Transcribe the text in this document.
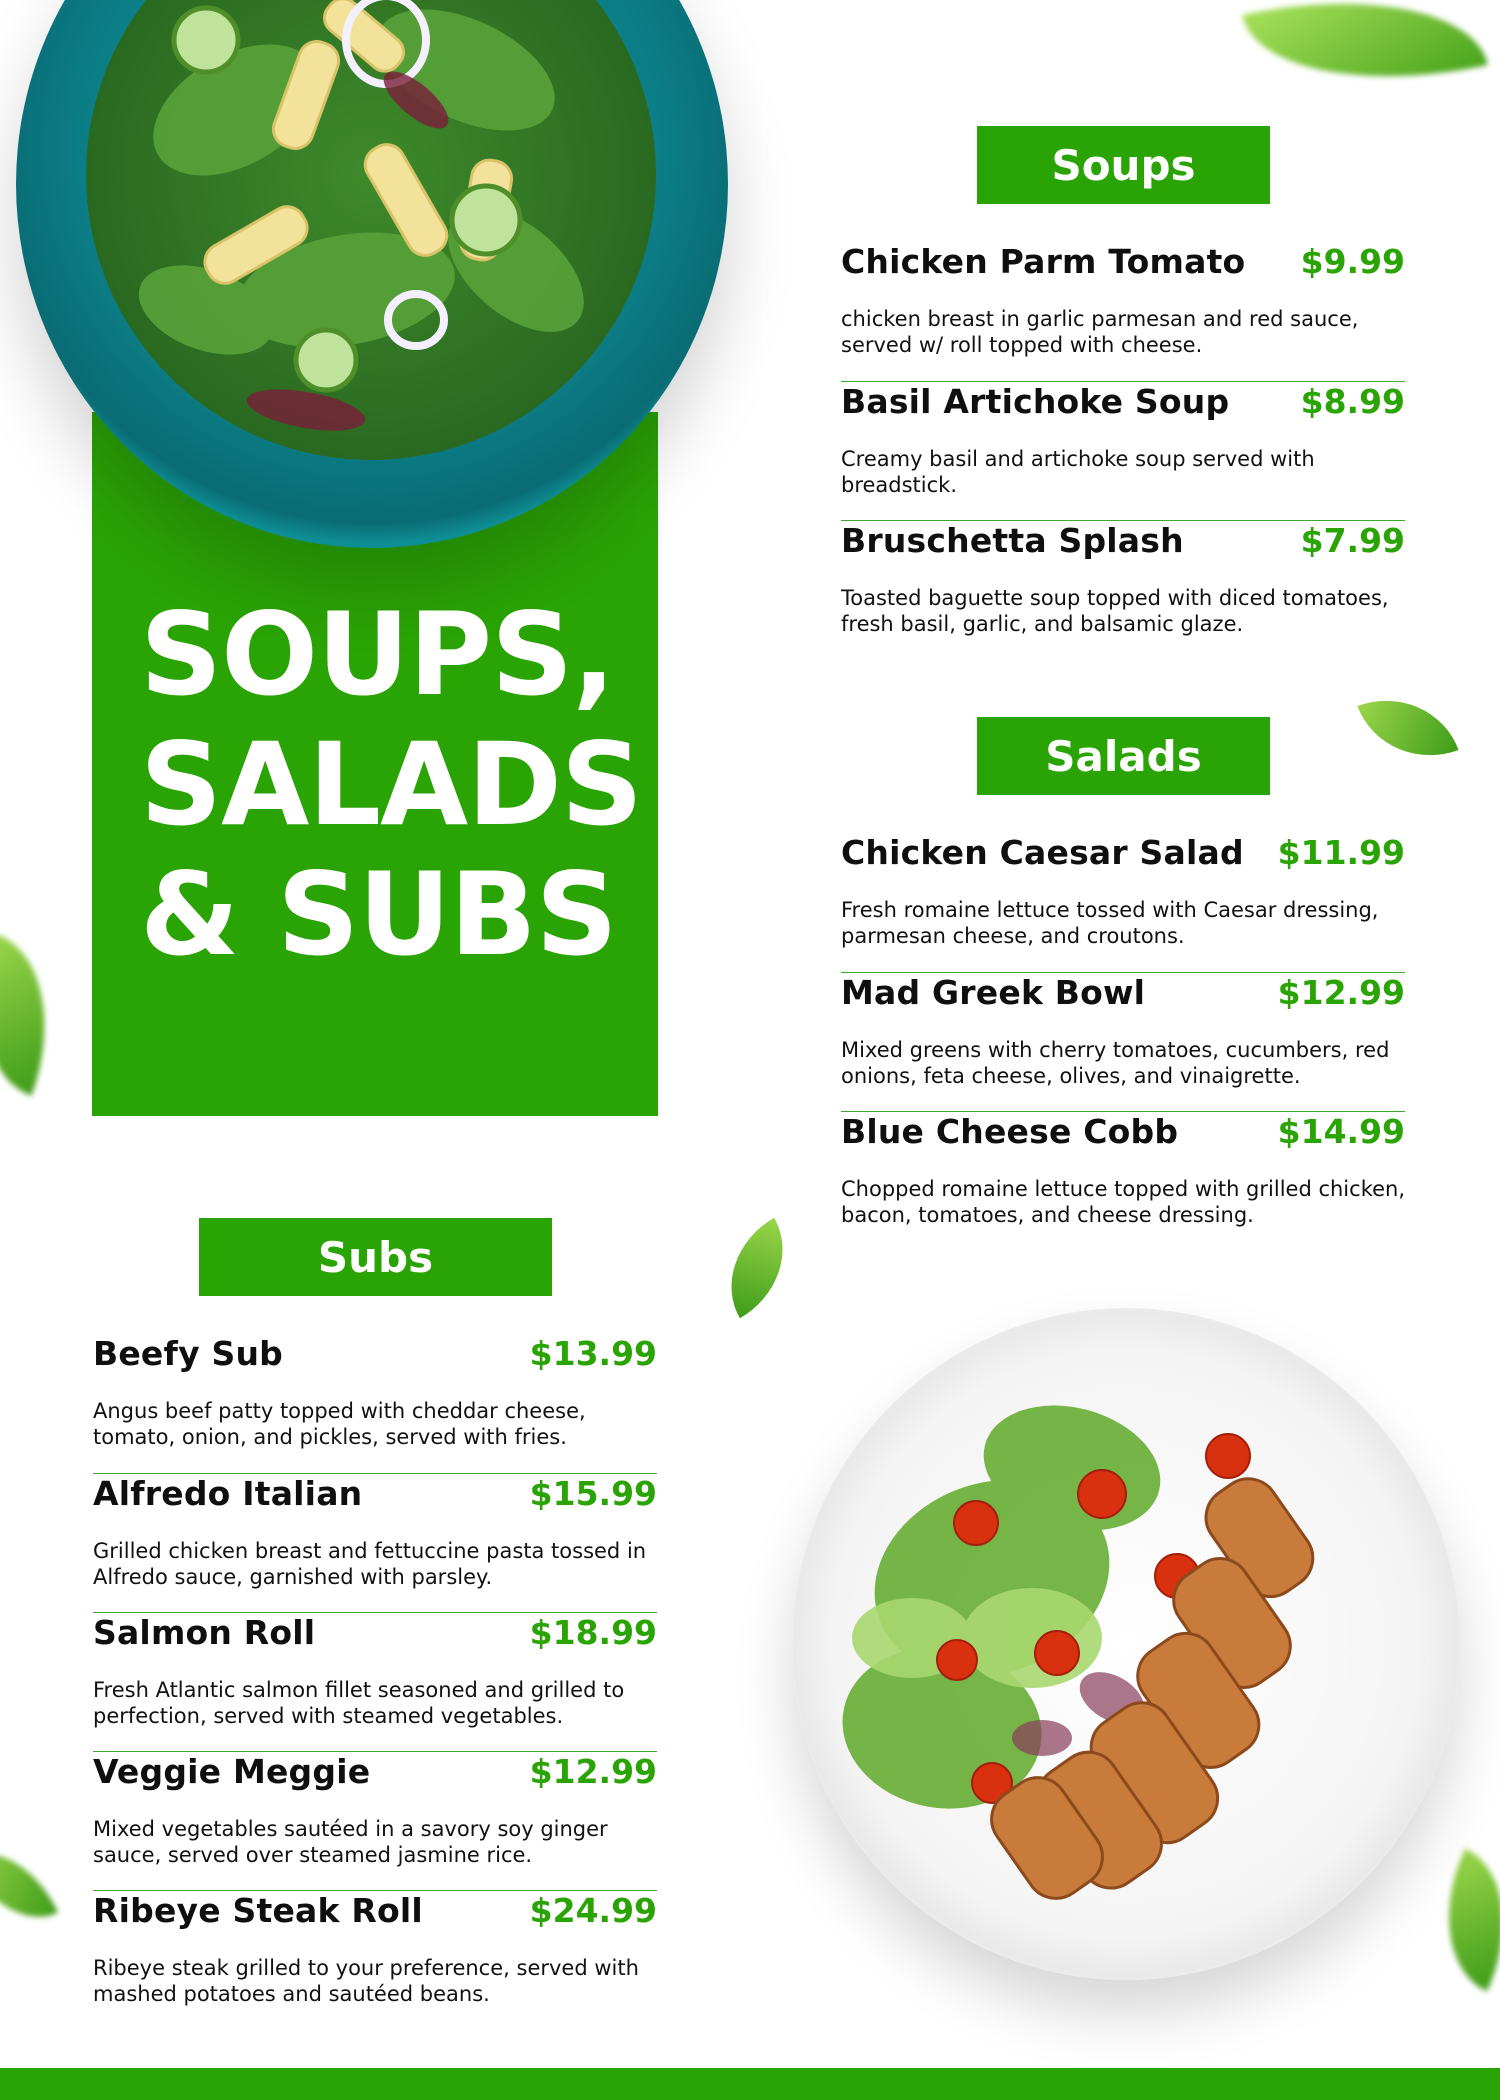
SOUPS,
SALADS
& SUBS
Soups
Chicken Parm Tomato $9.99

chicken breast in garlic parmesan and red sauce, served w/ roll topped with cheese.

Basil Artichoke Soup $8.99

Creamy basil and artichoke soup served with breadstick.

Bruschetta Splash	$7.99

Toasted baguette soup topped with diced tomatoes, fresh basil, garlic, and balsamic glaze.

Salads
Chicken Caesar Salad $11.99

Fresh romaine lettuce tossed with Caesar dressing, parmesan cheese, and croutons.

Mad Greek Bowl	$12.99

Mixed greens with cherry tomatoes, cucumbers, red onions, feta cheese, olives, and vinaigrette.

Blue Cheese Cobb	$14.99

Chopped romaine lettuce topped with grilled chicken, bacon, tomatoes, and cheese dressing.

Subs
Beefy Sub	$13.99

Angus beef patty topped with cheddar cheese, tomato, onion, and pickles, served with fries.

Alfredo Italian	$15.99

Grilled chicken breast and fettuccine pasta tossed in Alfredo sauce, garnished with parsley.

Salmon Roll	$18.99

Fresh Atlantic salmon fillet seasoned and grilled to perfection, served with steamed vegetables.

Veggie Meggie	$12.99

Mixed vegetables sautéed in a savory soy ginger sauce, served over steamed jasmine rice.

Ribeye Steak Roll	$24.99

Ribeye steak grilled to your preference, served with mashed potatoes and sautéed beans.
